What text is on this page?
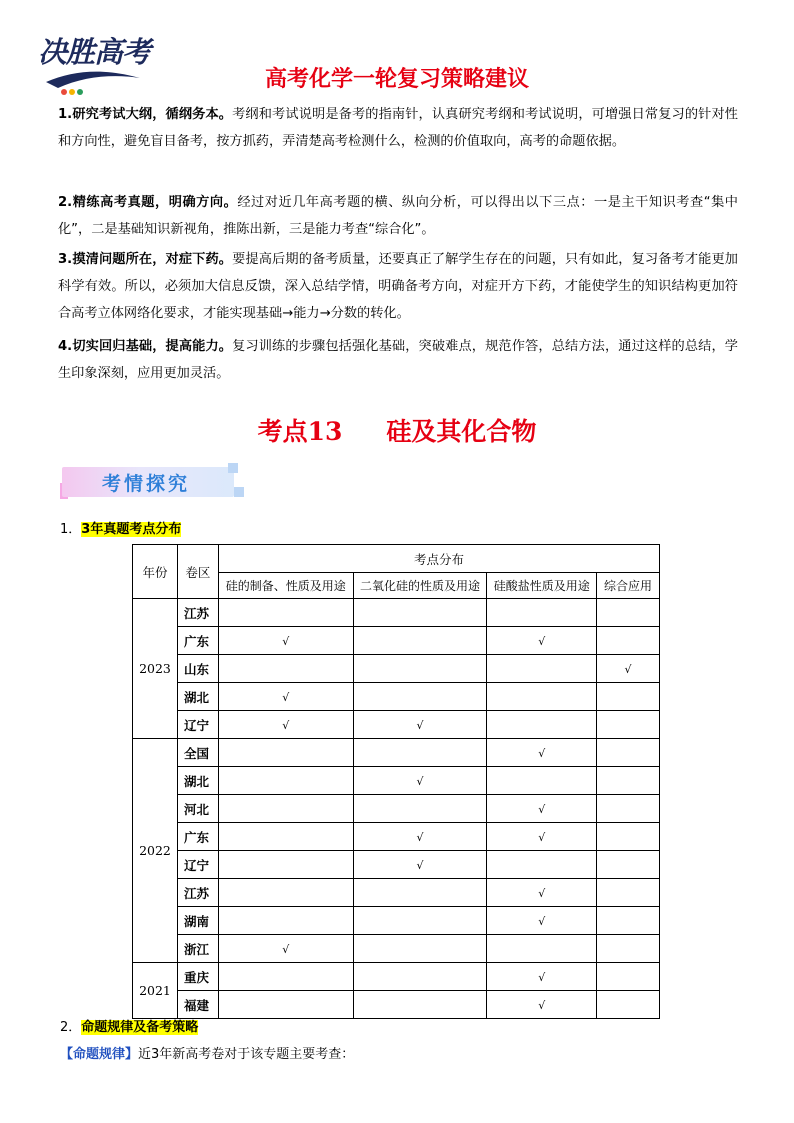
决胜高考
高考化学一轮复习策略建议
1.研究考试大纲，循纲务本。考纲和考试说明是备考的指南针，认真研究考纲和考试说明，可增强日常复习的针对性和方向性，避免盲目备考，按方抓药，弄清楚高考检测什么，检测的价值取向，高考的命题依据。
2.精练高考真题，明确方向。经过对近几年高考题的横、纵向分析，可以得出以下三点：一是主干知识考查“集中化”，二是基础知识新视角，推陈出新，三是能力考查“综合化”。
3.摸清问题所在，对症下药。要提高后期的备考质量，还要真正了解学生存在的问题，只有如此，复习备考才能更加科学有效。所以，必须加大信息反馈，深入总结学情，明确备考方向，对症开方下药，才能使学生的知识结构更加符合高考立体网络化要求，才能实现基础→能力→分数的转化。
4.切实回归基础，提高能力。复习训练的步骤包括强化基础，突破难点，规范作答，总结方法，通过这样的总结，学生印象深刻，应用更加灵活。
考点13 硅及其化合物
考情探究
1．3年真题考点分布
年份	卷区	考点分布			
		硅的制备、性质及用途	二氧化硅的性质及用途	硅酸盐性质及用途	综合应用
2023	江苏				
	广东	√		√	
	山东				√
	湖北	√			
	辽宁	√	√		
2022	全国			√	
	湖北		√		
	河北			√	
	广东		√	√	
	辽宁		√		
	江苏			√	
	湖南			√	
	浙江	√			
2021	重庆			√	
	福建			√	
2．命题规律及备考策略
【命题规律】近3年新高考卷对于该专题主要考查：
